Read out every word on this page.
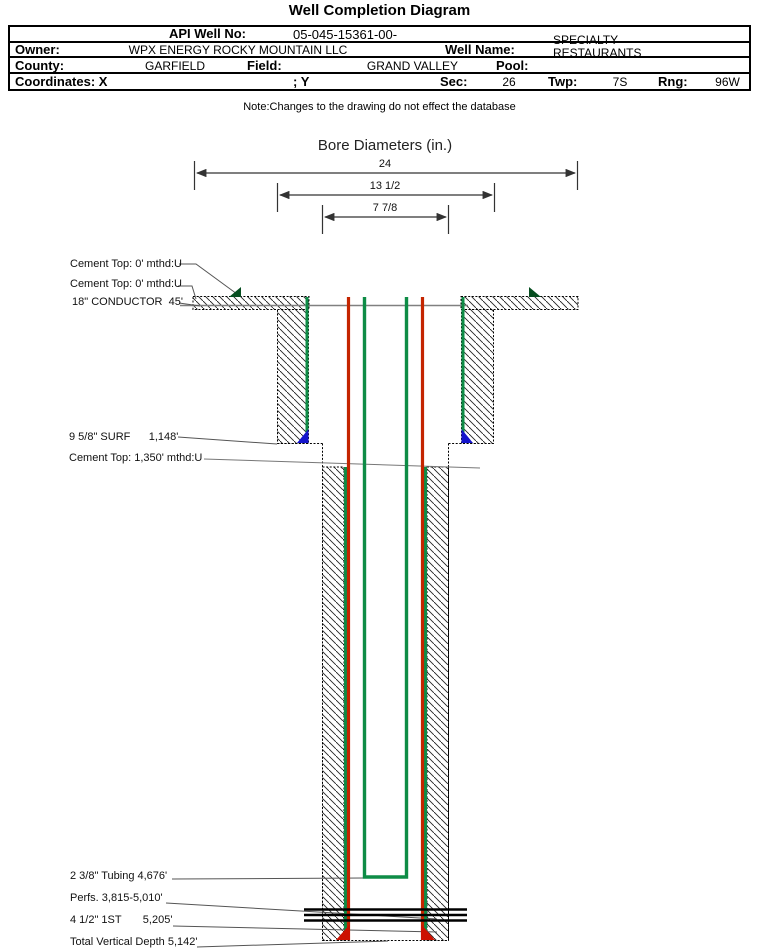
Well Completion Diagram
API Well No:	05-045-15361-00-
Owner:	WPX ENERGY ROCKY MOUNTAIN LLC	Well Name:
SPECIALTY RESTAURANTS
County:	GARFIELD	Field:	GRAND VALLEY	Pool:
Coordinates: X	; Y	Sec:	26	Twp:	7S	Rng:	96W
Note:Changes to the drawing do not effect the database
Bore Diameters (in.)
24
13 1/2
7 7/8
Cement Top: 0' mthd:U
Cement Top: 0' mthd:U
18" CONDUCTOR  45'
9 5/8" SURF      1,148'
Cement Top: 1,350' mthd:U
2 3/8" Tubing 4,676'
Perfs. 3,815-5,010'
4 1/2" 1ST       5,205'
Total Vertical Depth 5,142'
